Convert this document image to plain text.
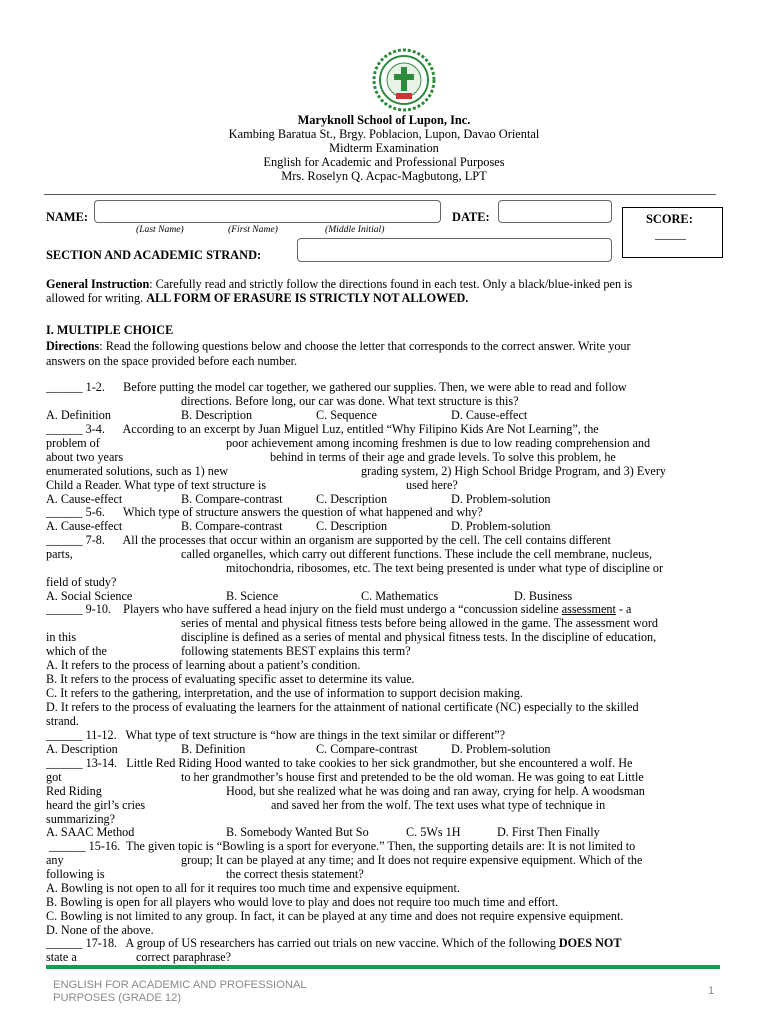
Maryknoll School of Lupon, Inc.
Kambing Baratua St., Brgy. Poblacion, Lupon, Davao Oriental
Midterm Examination
English for Academic and Professional Purposes
Mrs. Roselyn Q. Acpac-Magbutong, LPT
NAME:
(Last Name)	(First Name)	(Middle Initial)
DATE:	SCORE:
_____
SECTION AND ACADEMIC STRAND:
General Instruction: Carefully read and strictly follow the directions found in each test. Only a black/blue-inked pen is
allowed for writing. ALL FORM OF ERASURE IS STRICTLY NOT ALLOWED.
I. MULTIPLE CHOICE
Directions: Read the following questions below and choose the letter that corresponds to the correct answer. Write your
answers on the space provided before each number.
______ 1-2.      Before putting the model car together, we gathered our supplies. Then, we were able to read and follow
directions. Before long, our car was done. What text structure is this?
A. Definition	B. Description	C. Sequence	D. Cause-effect
______ 3-4.      According to an excerpt by Juan Miguel Luz, entitled “Why Filipino Kids Are Not Learning”, the
problem of	poor achievement among incoming freshmen is due to low reading comprehension and
about two years	behind in terms of their age and grade levels. To solve this problem, he
enumerated solutions, such as 1) new	grading system, 2) High School Bridge Program, and 3) Every
Child a Reader. What type of text structure is	used here?
A. Cause-effect	B. Compare-contrast	C. Description	D. Problem-solution
______ 5-6.      Which type of structure answers the question of what happened and why?
A. Cause-effect	B. Compare-contrast	C. Description	D. Problem-solution
______ 7-8.      All the processes that occur within an organism are supported by the cell. The cell contains different
parts,	called organelles, which carry out different functions. These include the cell membrane, nucleus,
mitochondria, ribosomes, etc. The text being presented is under what type of discipline or
field of study?
A. Social Science	B. Science	C. Mathematics	D. Business
______ 9-10.    Players who have suffered a head injury on the field must undergo a “concussion sideline assessment - a
series of mental and physical fitness tests before being allowed in the game. The assessment word
in this	discipline is defined as a series of mental and physical fitness tests. In the discipline of education,
which of the	following statements BEST explains this term?
A. It refers to the process of learning about a patient’s condition.
B. It refers to the process of evaluating specific asset to determine its value.
C. It refers to the gathering, interpretation, and the use of information to support decision making.
D. It refers to the process of evaluating the learners for the attainment of national certificate (NC) especially to the skilled
strand.
______ 11-12.   What type of text structure is “how are things in the text similar or different”?
A. Description	B. Definition	C. Compare-contrast	D. Problem-solution
______ 13-14.   Little Red Riding Hood wanted to take cookies to her sick grandmother, but she encountered a wolf. He
got	to her grandmother’s house first and pretended to be the old woman. He was going to eat Little
Red Riding	Hood, but she realized what he was doing and ran away, crying for help. A woodsman
heard the girl’s cries	and saved her from the wolf. The text uses what type of technique in
summarizing?
A. SAAC Method	B. Somebody Wanted But So	C. 5Ws 1H	D. First Then Finally
______ 15-16.  The given topic is “Bowling is a sport for everyone.” Then, the supporting details are: It is not limited to
any	group; It can be played at any time; and It does not require expensive equipment. Which of the
following is	the correct thesis statement?
A. Bowling is not open to all for it requires too much time and expensive equipment.
B. Bowling is open for all players who would love to play and does not require too much time and effort.
C. Bowling is not limited to any group. In fact, it can be played at any time and does not require expensive equipment.
D. None of the above.
______ 17-18.   A group of US researchers has carried out trials on new vaccine. Which of the following DOES NOT
state a	correct paraphrase?
ENGLISH FOR ACADEMIC AND PROFESSIONAL
PURPOSES (GRADE 12)
1
